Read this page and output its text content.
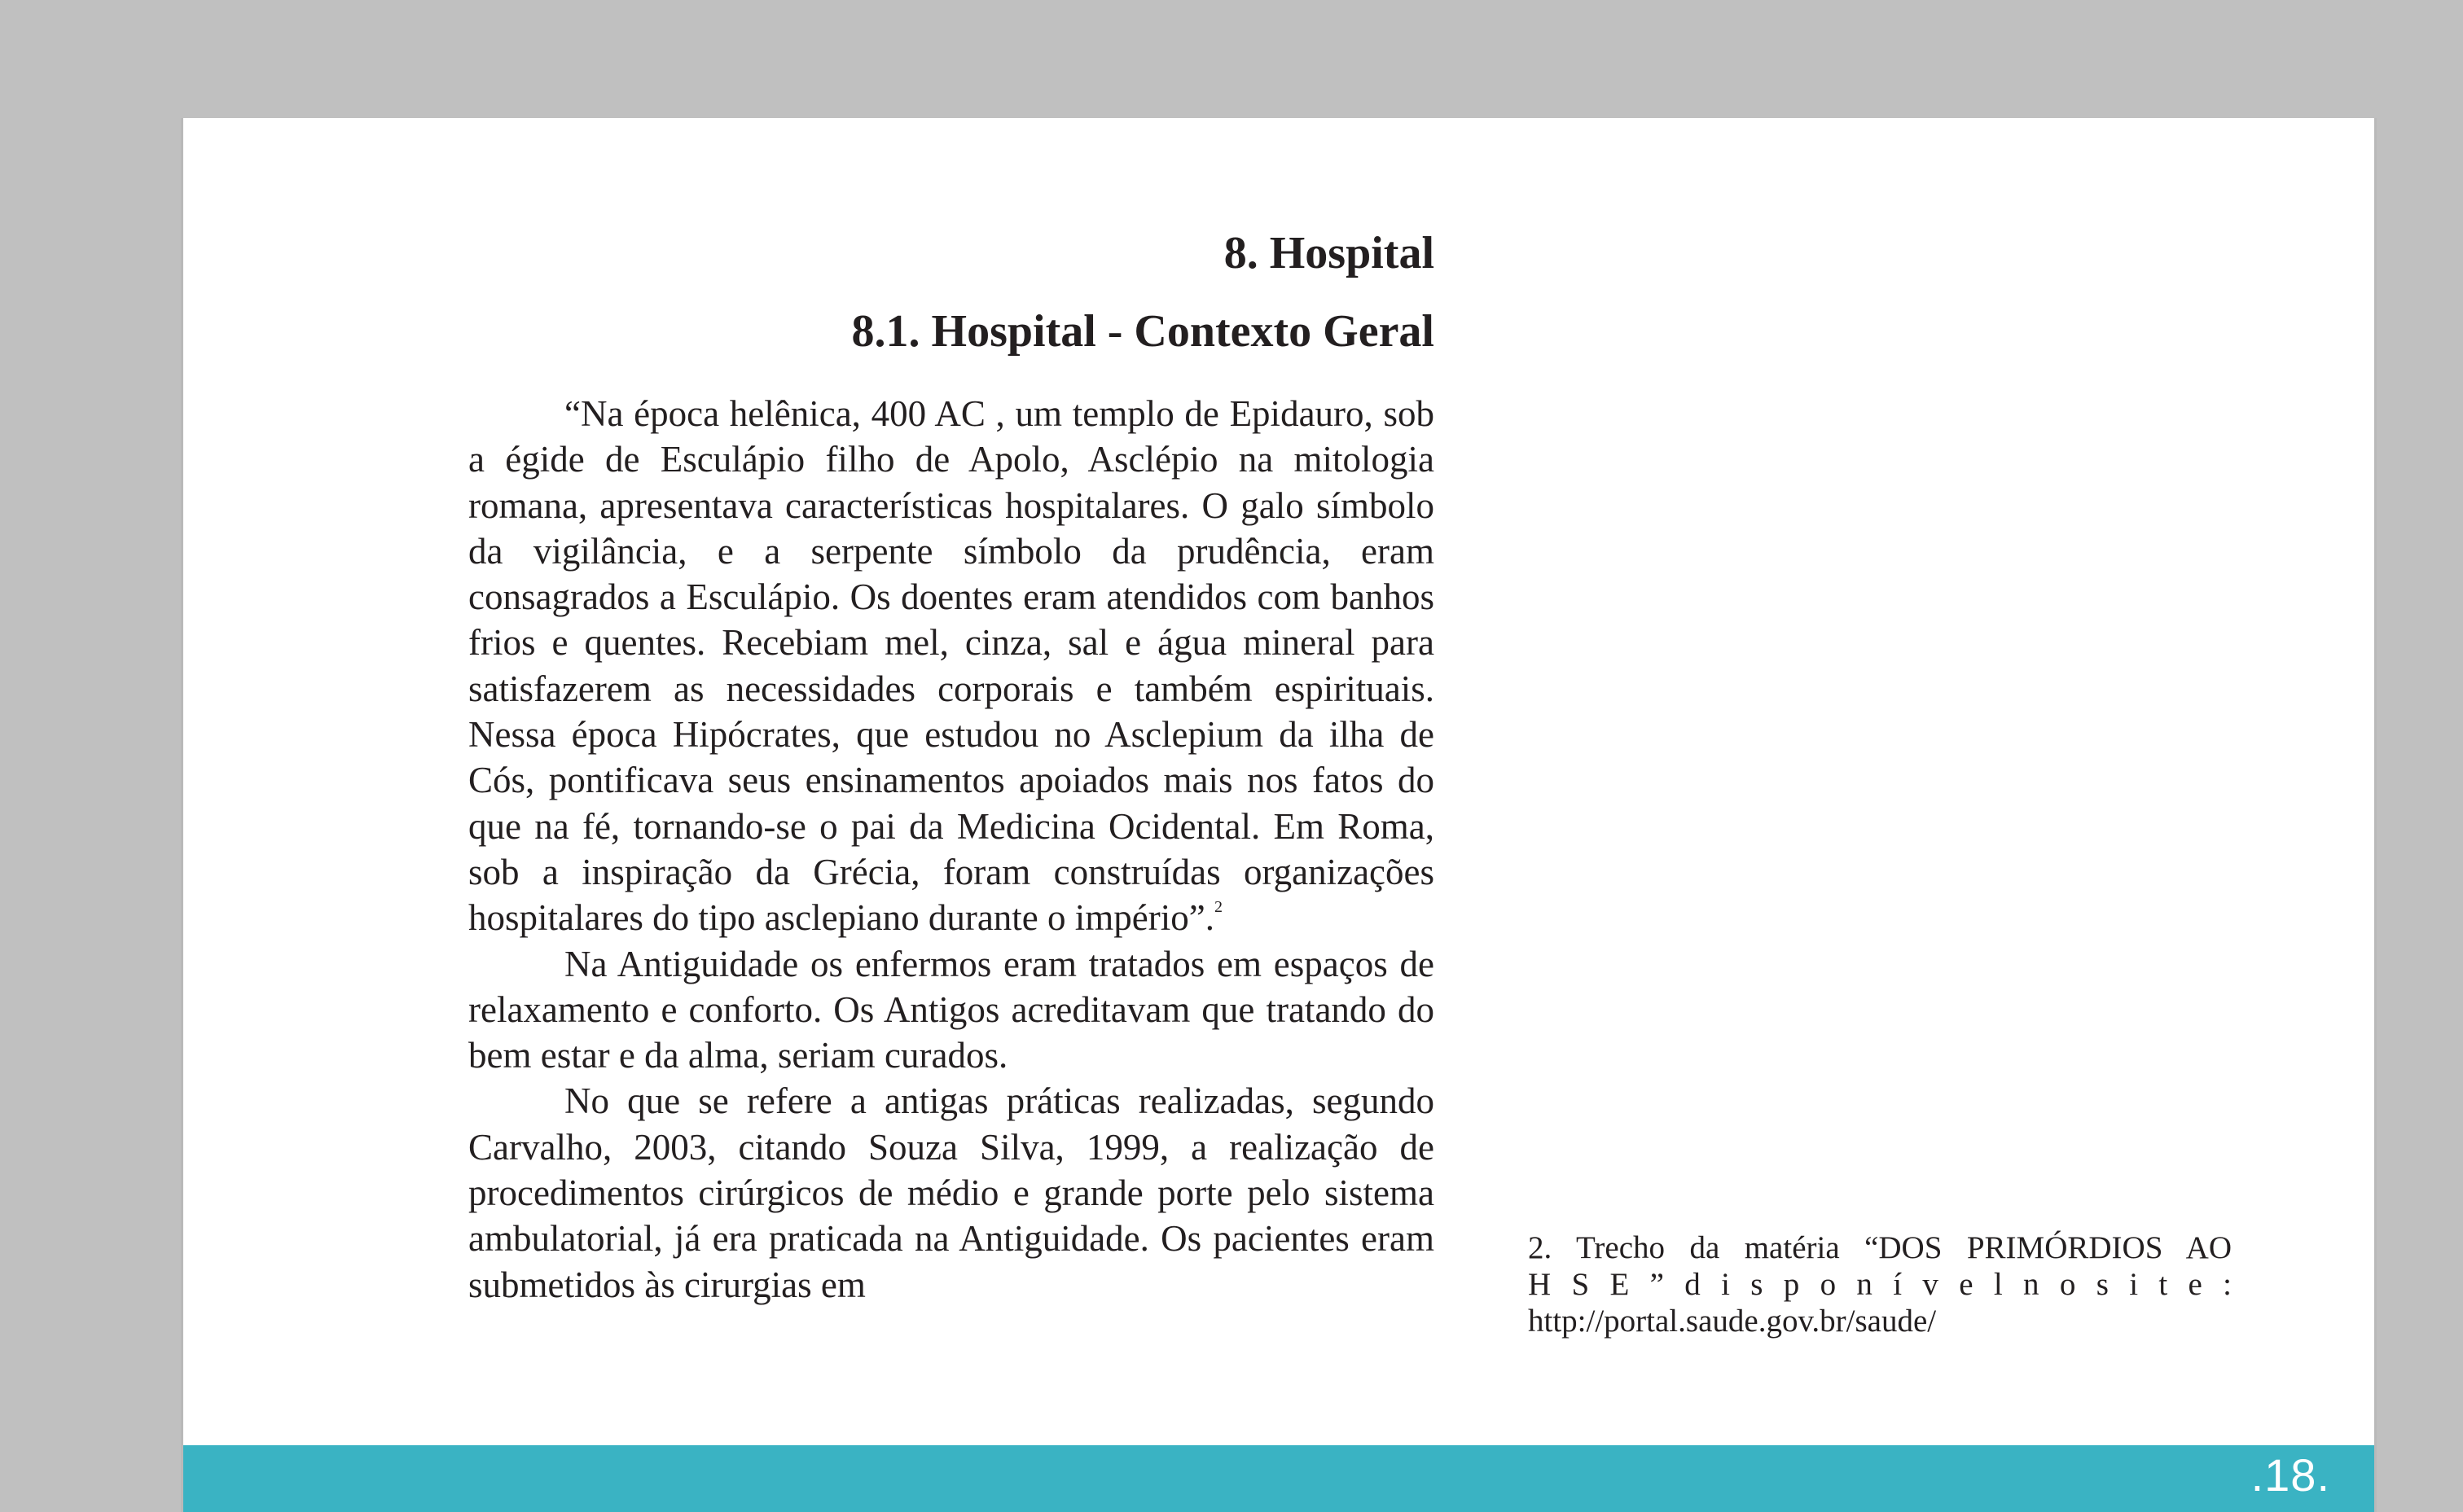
8. Hospital
8.1. Hospital - Contexto Geral

“Na época helênica, 400 AC , um templo de Epidauro, sob a égide de Esculápio filho de Apolo, Asclépio na mitologia romana, apresentava características hospitalares. O galo símbolo da vigilância, e a serpente símbolo da prudência, eram consagrados a Esculápio. Os doentes eram atendidos com banhos frios e quentes. Recebiam mel, cinza, sal e água mineral para satisfazerem as necessidades corporais e também espirituais. Nessa época Hipócrates, que estudou no Asclepium da ilha de Cós, pontificava seus ensinamentos apoiados mais nos fatos do que na fé, tornando-se o pai da Medicina Ocidental. Em Roma, sob a inspiração da Grécia, foram construídas organizações hospitalares do tipo asclepiano durante o império”.$^2$

Na Antiguidade os enfermos eram tratados em espaços de relaxamento e conforto. Os Antigos acreditavam que tratando do bem estar e da alma, seriam curados.

No que se refere a antigas práticas realizadas, segundo Carvalho, 2003, citando Souza Silva, 1999, a realização de procedimentos cirúrgicos de médio e grande porte pelo sistema ambulatorial, já era praticada na Antiguidade. Os pacientes eram submetidos às cirurgias em

2. Trecho da matéria “DOS PRIMÓRDIOS AO
H S E ” d i s p o n í v e l n o s i t e :
http://portal.saude.gov.br/saude/
.18.
